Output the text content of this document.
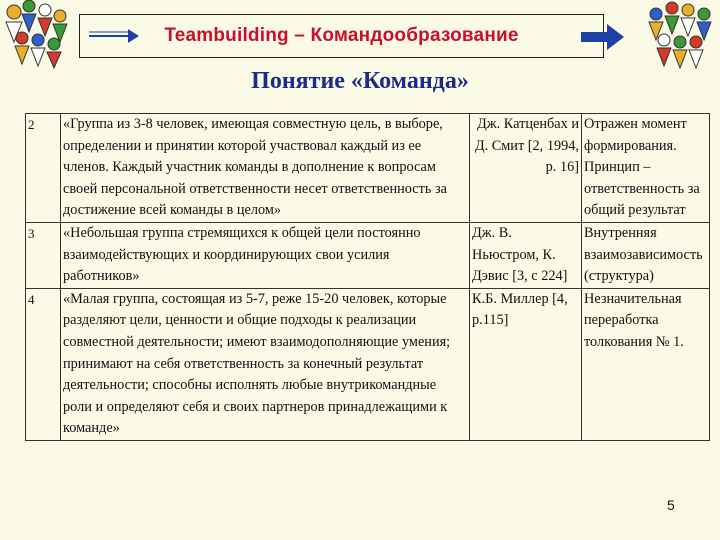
Teambuilding – Командообразование
Понятие «Команда»
2	«Группа из 3-8 человек, имеющая совместную цель, в выборе, определении и принятии которой участвовал каждый из ее членов. Каждый участник команды в дополнение к вопросам своей персональной ответственности несет ответственность за достижение всей команды в целом»	Дж. Катценбах и Д. Смит [2, 1994, р. 16]	Отражен момент формирования. Принцип – ответственность за общий результат
3	«Небольшая группа стремящихся к общей цели постоянно взаимодействующих и координирующих свои усилия работников»	Дж. В. Ньюстром, К. Дэвис [3, с 224]	Внутренняя взаимозависимость (структура)
4	«Малая группа, состоящая из 5-7, реже 15-20 человек, которые разделяют цели, ценности и общие подходы к реализации совместной деятельности; имеют взаимодополняющие умения; принимают на себя ответственность за конечный результат деятельности; способны исполнять любые внутрикомандные роли и определяют себя и своих партнеров принадлежащими к команде»	К.Б. Миллер [4, р.115]	Незначительная переработка толкования № 1.
5
